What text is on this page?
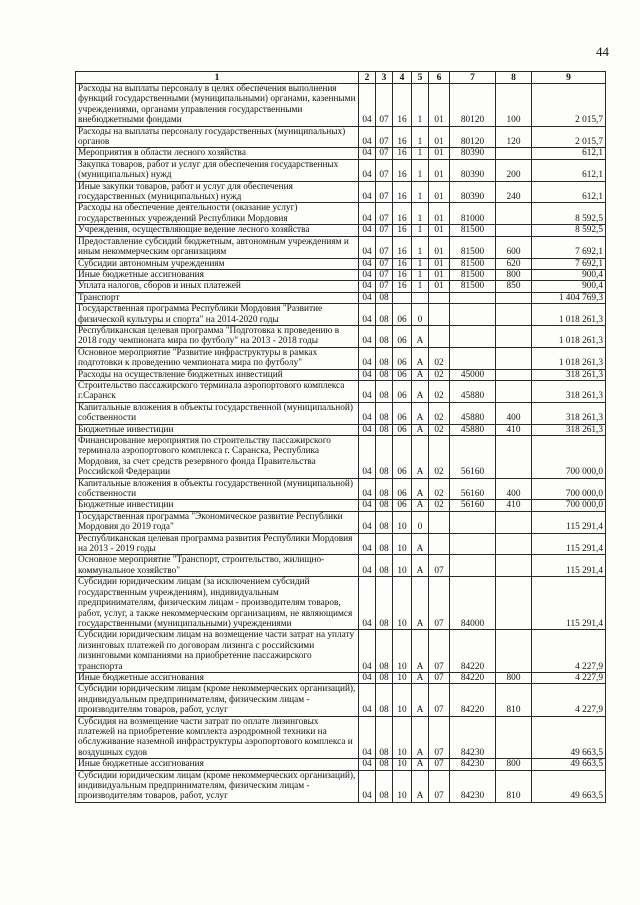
44
1	2	3	4	5	6	7	8	9
Расходы на выплаты персоналу в целях обеспечения выполнения функций государственными (муниципальными) органами, казенными учреждениями, органами управления государственными внебюджетными фондами	04	07	16	1	01	80120	100	2 015,7
Расходы на выплаты персоналу государственных (муниципальных) органов	04	07	16	1	01	80120	120	2 015,7
Мероприятия в области лесного хозяйства	04	07	16	1	01	80390		612,1
Закупка товаров, работ и услуг для обеспечения государственных (муниципальных) нужд	04	07	16	1	01	80390	200	612,1
Иные закупки товаров, работ и услуг для обеспечения государственных (муниципальных) нужд	04	07	16	1	01	80390	240	612,1
Расходы на обеспечение деятельности (оказание услуг) государственных учреждений Республики Мордовия	04	07	16	1	01	81000		8 592,5
Учреждения, осуществляющие ведение лесного хозяйства	04	07	16	1	01	81500		8 592,5
Предоставление субсидий бюджетным, автономным учреждениям и иным некоммерческим организациям	04	07	16	1	01	81500	600	7 692,1
Субсидии автономным учреждениям	04	07	16	1	01	81500	620	7 692,1
Иные бюджетные ассигнования	04	07	16	1	01	81500	800	900,4
Уплата налогов, сборов и иных платежей	04	07	16	1	01	81500	850	900,4
Транспорт	04	08						1 404 769,3
Государственная программа Республики Мордовия "Развитие физической культуры и спорта" на 2014-2020 годы	04	08	06	0				1 018 261,3
Республиканская целевая программа "Подготовка к проведению в 2018 году чемпионата мира по футболу" на 2013 - 2018 годы	04	08	06	А				1 018 261,3
Основное мероприятие "Развитие инфраструктуры в рамках подготовки к проведению чемпионата мира по футболу"	04	08	06	А	02			1 018 261,3
Расходы на осуществление бюджетных инвестиций	04	08	06	А	02	45000		318 261,3
Строительство пассажирского терминала аэропортового комплекса г.Саранск	04	08	06	А	02	45880		318 261,3
Капитальные вложения в объекты государственной (муниципальной) собственности	04	08	06	А	02	45880	400	318 261,3
Бюджетные инвестиции	04	08	06	А	02	45880	410	318 261,3
Финансирование мероприятия по строительству пассажирского терминала аэропортового комплекса г. Саранска, Республика Мордовия, за счет средств резервного фонда Правительства Российской Федерации	04	08	06	А	02	56160		700 000,0
Капитальные вложения в объекты государственной (муниципальной) собственности	04	08	06	А	02	56160	400	700 000,0
Бюджетные инвестиции	04	08	06	А	02	56160	410	700 000,0
Государственная программа "Экономическое развитие Республики Мордовия до 2019 года"	04	08	10	0				115 291,4
Республиканская целевая программа развития Республики Мордовия на 2013 - 2019 годы	04	08	10	А				115 291,4
Основное мероприятие "Транспорт, строительство, жилищно-коммунальное хозяйство"	04	08	10	А	07			115 291,4
Субсидии юридическим лицам (за исключением субсидий государственным учреждениям), индивидуальным предпринимателям, физическим лицам - производителям товаров, работ, услуг, а также некоммерческим организациям, не являющимся государственными (муниципальными) учреждениями	04	08	10	А	07	84000		115 291,4
Субсидии юридическим лицам на возмещение части затрат на уплату лизинговых платежей по договорам лизинга с российскими лизинговыми компаниями на приобретение пассажирского транспорта	04	08	10	А	07	84220		4 227,9
Иные бюджетные ассигнования	04	08	10	А	07	84220	800	4 227,9
Субсидии юридическим лицам (кроме некоммерческих организаций), индивидуальным предпринимателям, физическим лицам - производителям товаров, работ, услуг	04	08	10	А	07	84220	810	4 227,9
Субсидия на возмещение части затрат по оплате лизинговых платежей на приобретение комплекта аэродромной техники на обслуживание наземной инфраструктуры аэропортового комплекса и воздушных судов	04	08	10	А	07	84230		49 663,5
Иные бюджетные ассигнования	04	08	10	А	07	84230	800	49 663,5
Субсидии юридическим лицам (кроме некоммерческих организаций), индивидуальным предпринимателям, физическим лицам - производителям товаров, работ, услуг	04	08	10	А	07	84230	810	49 663,5
